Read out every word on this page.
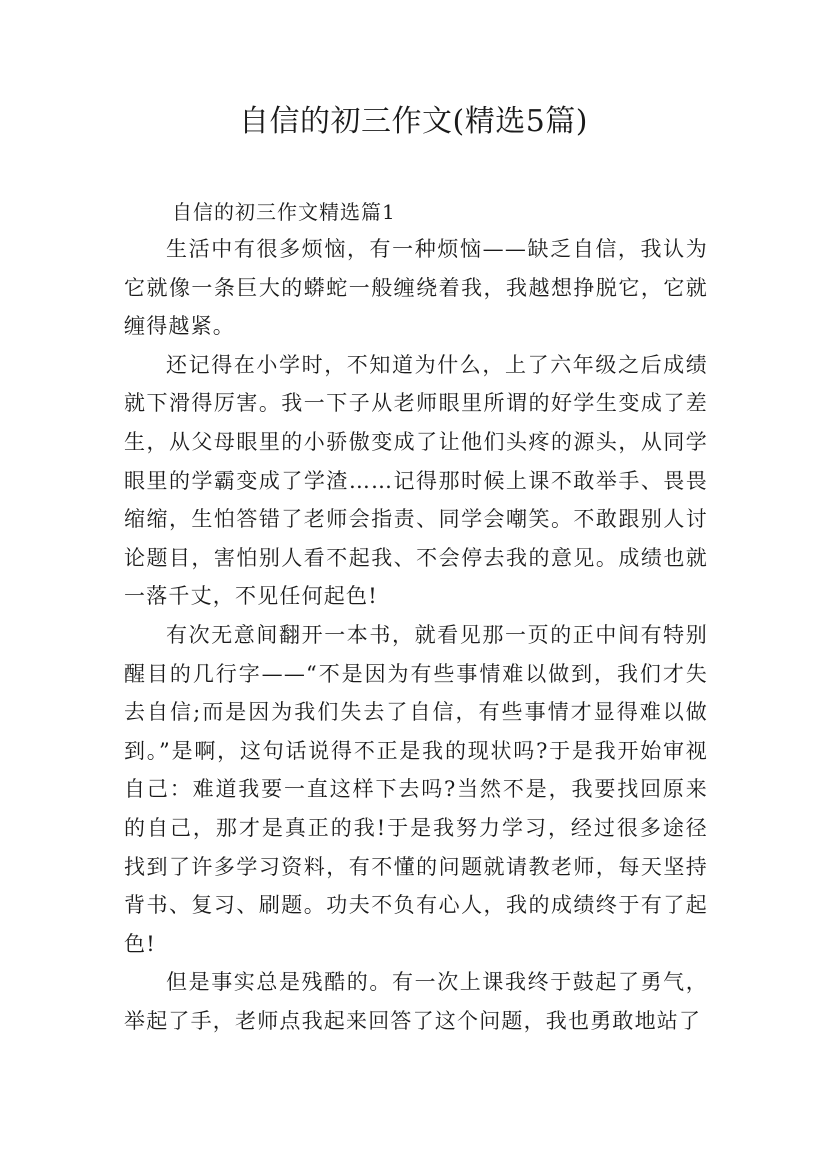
自信的初三作文(精选5篇)

自信的初三作文精选篇1

生活中有很多烦恼，有一种烦恼——缺乏自信，我认为它就像一条巨大的蟒蛇一般缠绕着我，我越想挣脱它，它就缠得越紧。

还记得在小学时，不知道为什么，上了六年级之后成绩就下滑得厉害。我一下子从老师眼里所谓的好学生变成了差生，从父母眼里的小骄傲变成了让他们头疼的源头，从同学眼里的学霸变成了学渣……记得那时候上课不敢举手、畏畏缩缩，生怕答错了老师会指责、同学会嘲笑。不敢跟别人讨论题目，害怕别人看不起我、不会停去我的意见。成绩也就一落千丈，不见任何起色!

有次无意间翻开一本书，就看见那一页的正中间有特别醒目的几行字——“不是因为有些事情难以做到，我们才失去自信;而是因为我们失去了自信，有些事情才显得难以做到。”是啊，这句话说得不正是我的现状吗?于是我开始审视自己：难道我要一直这样下去吗?当然不是，我要找回原来的自己，那才是真正的我!于是我努力学习，经过很多途径找到了许多学习资料，有不懂的问题就请教老师，每天坚持背书、复习、刷题。功夫不负有心人，我的成绩终于有了起色!

但是事实总是残酷的。有一次上课我终于鼓起了勇气，举起了手，老师点我起来回答了这个问题，我也勇敢地站了
